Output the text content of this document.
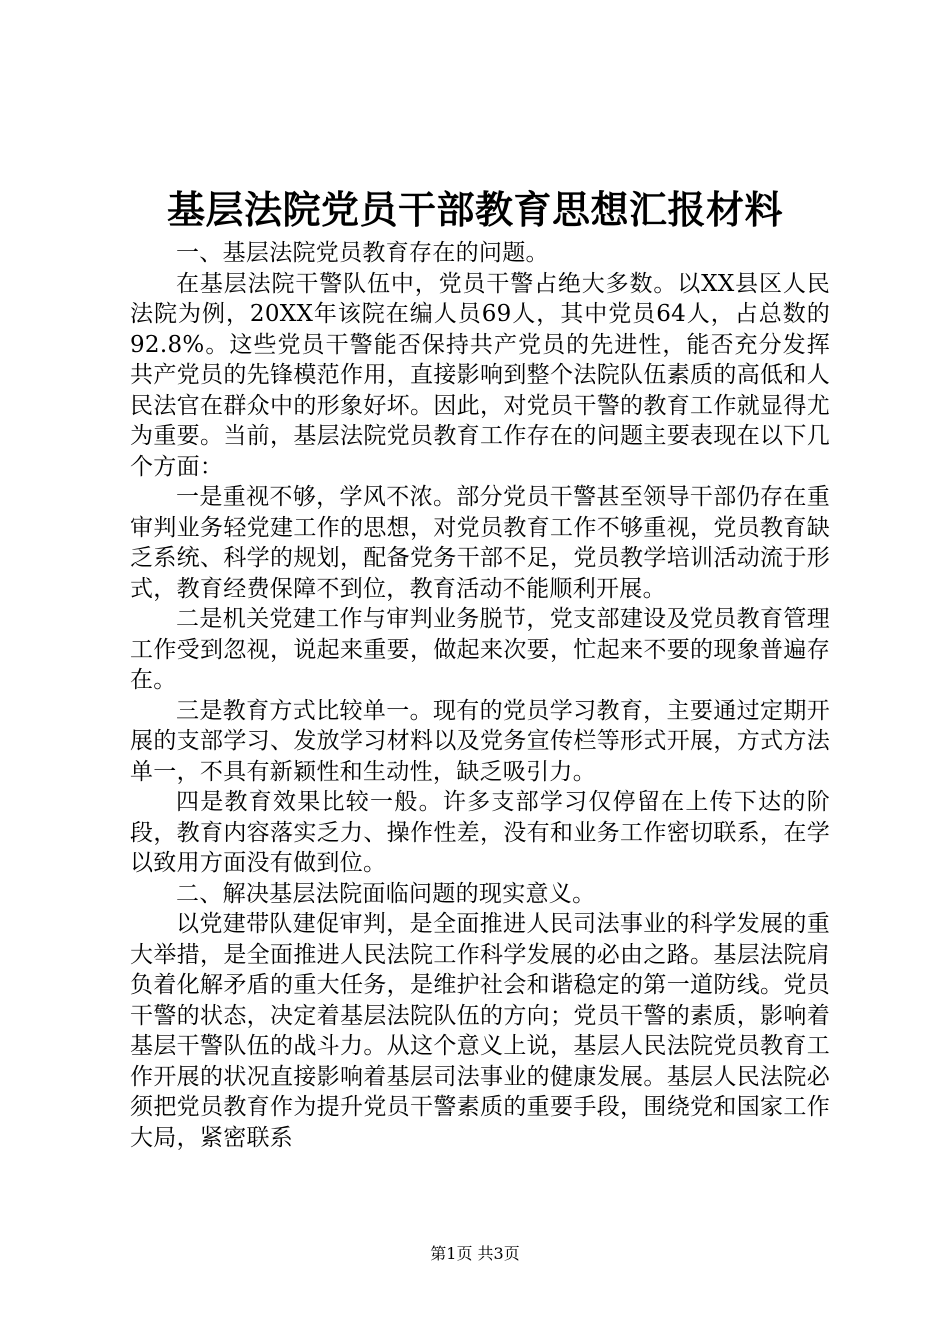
基层法院党员干部教育思想汇报材料

一、基层法院党员教育存在的问题。

在基层法院干警队伍中，党员干警占绝大多数。以XX县区人民法院为例，20XX年该院在编人员69人，其中党员64人，占总数的92.8%。这些党员干警能否保持共产党员的先进性，能否充分发挥共产党员的先锋模范作用，直接影响到整个法院队伍素质的高低和人民法官在群众中的形象好坏。因此，对党员干警的教育工作就显得尤为重要。当前，基层法院党员教育工作存在的问题主要表现在以下几个方面：

一是重视不够，学风不浓。部分党员干警甚至领导干部仍存在重审判业务轻党建工作的思想，对党员教育工作不够重视，党员教育缺乏系统、科学的规划，配备党务干部不足，党员教学培训活动流于形式，教育经费保障不到位，教育活动不能顺利开展。

二是机关党建工作与审判业务脱节，党支部建设及党员教育管理工作受到忽视，说起来重要，做起来次要，忙起来不要的现象普遍存在。

三是教育方式比较单一。现有的党员学习教育，主要通过定期开展的支部学习、发放学习材料以及党务宣传栏等形式开展，方式方法单一，不具有新颖性和生动性，缺乏吸引力。

四是教育效果比较一般。许多支部学习仅停留在上传下达的阶段，教育内容落实乏力、操作性差，没有和业务工作密切联系，在学以致用方面没有做到位。

二、解决基层法院面临问题的现实意义。

以党建带队建促审判，是全面推进人民司法事业的科学发展的重大举措，是全面推进人民法院工作科学发展的必由之路。基层法院肩负着化解矛盾的重大任务，是维护社会和谐稳定的第一道防线。党员干警的状态，决定着基层法院队伍的方向；党员干警的素质，影响着基层干警队伍的战斗力。从这个意义上说，基层人民法院党员教育工作开展的状况直接影响着基层司法事业的健康发展。基层人民法院必须把党员教育作为提升党员干警素质的重要手段，围绕党和国家工作大局，紧密联系

第1页 共3页
